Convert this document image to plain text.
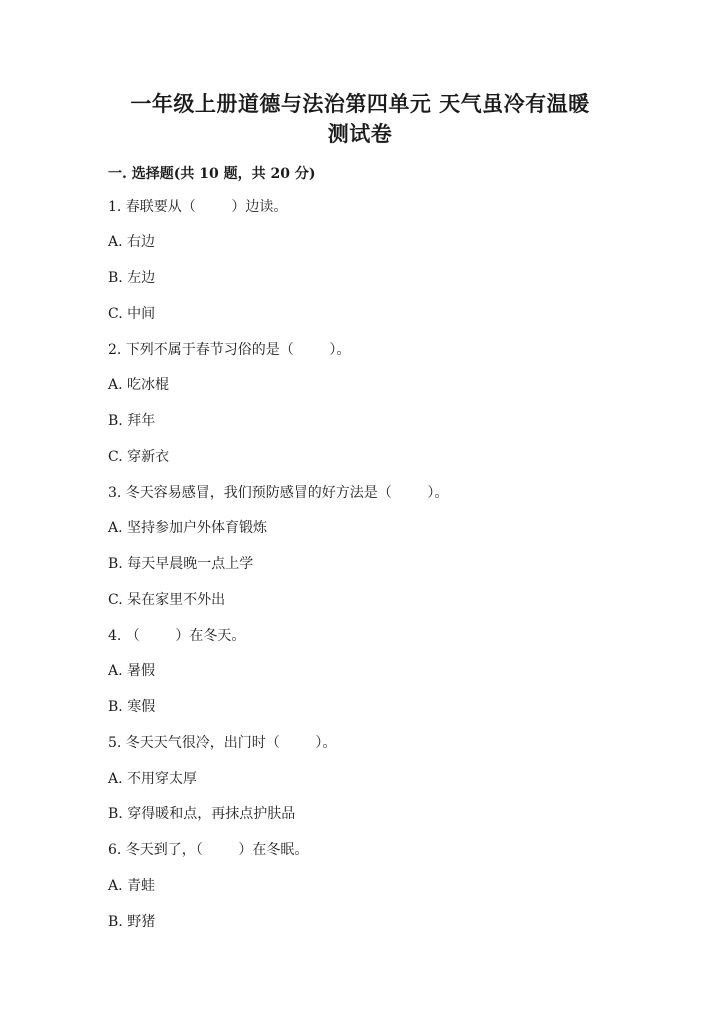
一年级上册道德与法治第四单元 天气虽冷有温暖
测试卷
一. 选择题(共 10 题，共 20 分)
1. 春联要从（        ）边读。
A. 右边
B. 左边
C. 中间
2. 下列不属于春节习俗的是（        ）。
A. 吃冰棍
B. 拜年
C. 穿新衣
3. 冬天容易感冒，我们预防感冒的好方法是（        ）。
A. 坚持参加户外体育锻炼
B. 每天早晨晚一点上学
C. 呆在家里不外出
4. （        ）在冬天。
A. 暑假
B. 寒假
5. 冬天天气很冷，出门时（        ）。
A. 不用穿太厚
B. 穿得暖和点，再抹点护肤品
6. 冬天到了，（        ）在冬眠。
A. 青蛙
B. 野猪
